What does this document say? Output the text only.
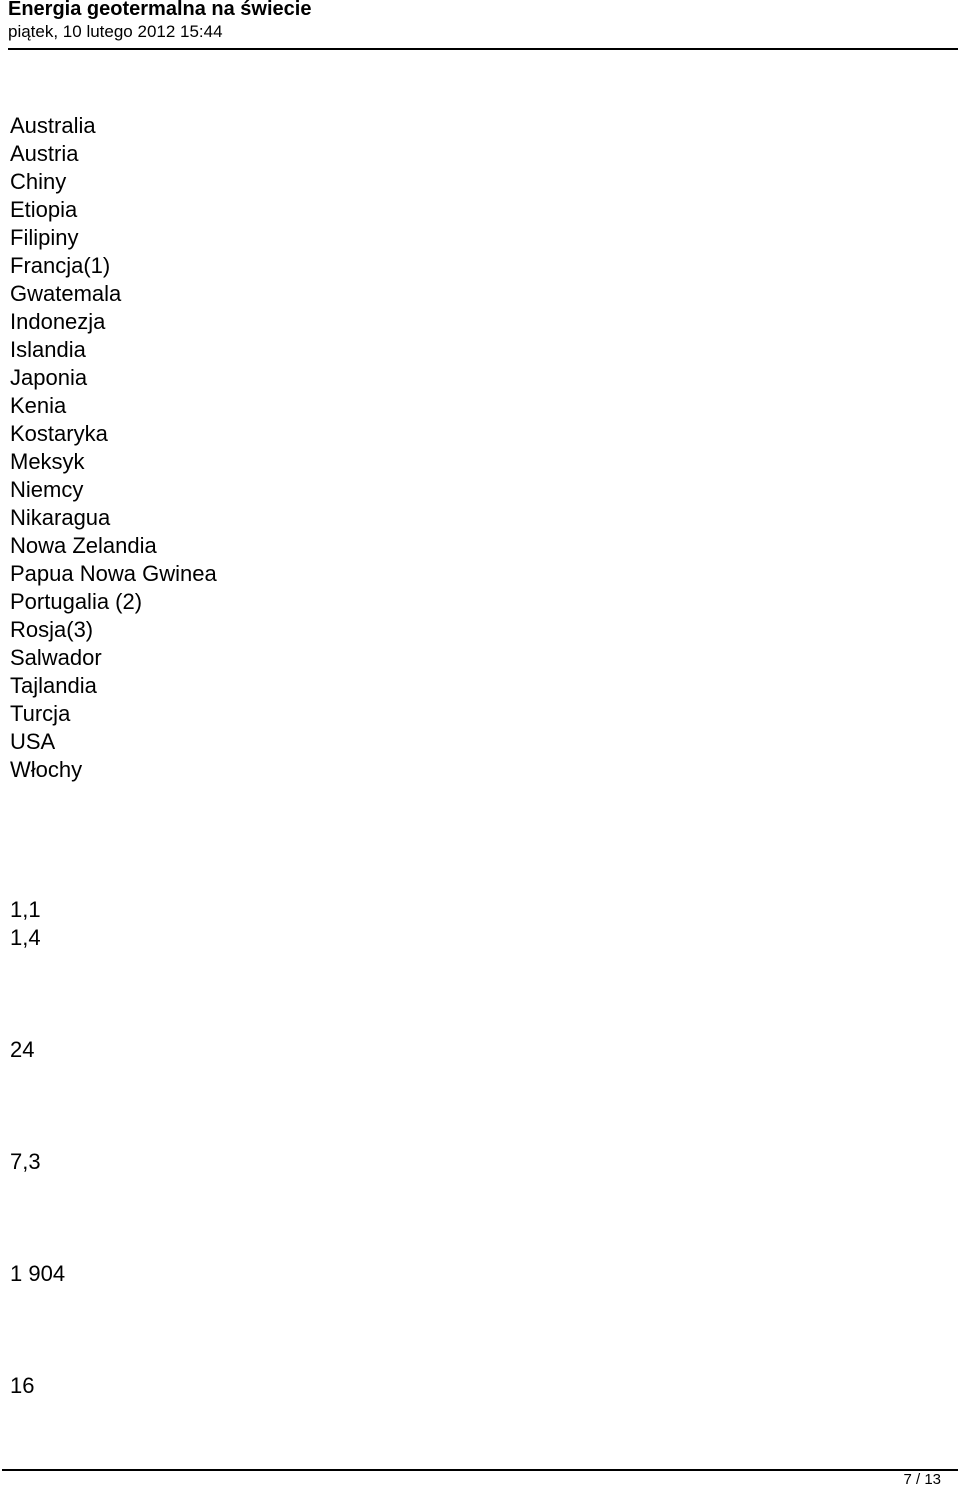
Energia geotermalna na świecie
piątek, 10 lutego 2012 15:44
Australia
Austria
Chiny
Etiopia
Filipiny
Francja(1)
Gwatemala
Indonezja
Islandia
Japonia
Kenia
Kostaryka
Meksyk
Niemcy
Nikaragua
Nowa Zelandia
Papua Nowa Gwinea
Portugalia (2)
Rosja(3)
Salwador
Tajlandia
Turcja
USA
Włochy
1,1
1,4
24
7,3
1 904
16
7 / 13
